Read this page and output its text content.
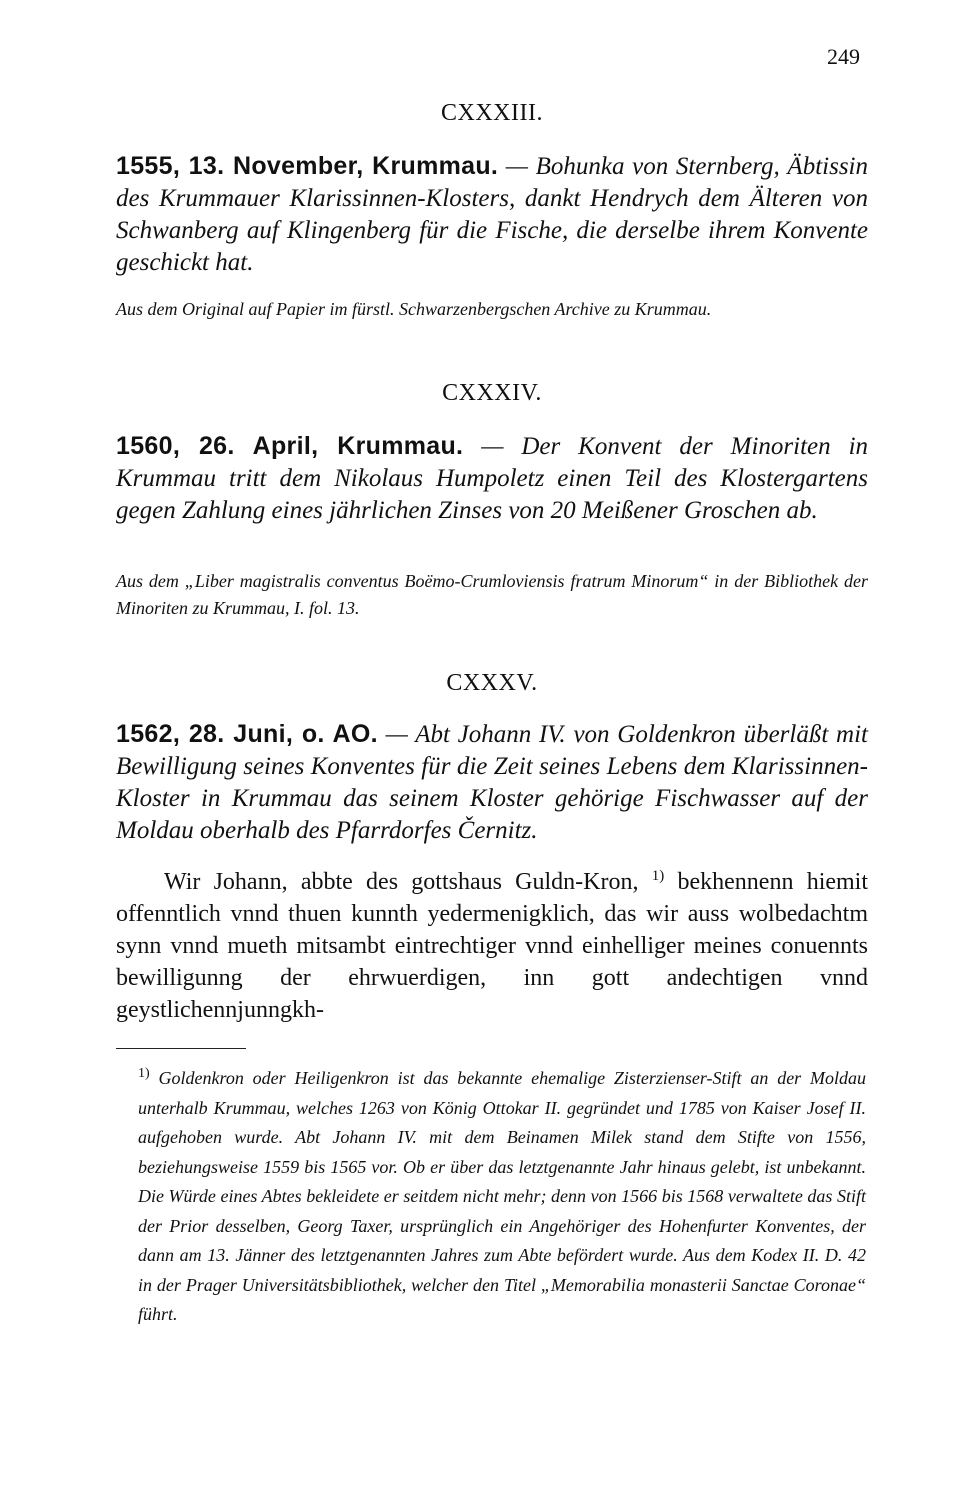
249
CXXXIII.
1555, 13. November, Krummau. — Bohunka von Sternberg, Äbtissin des Krummauer Klarissinnen-Klosters, dankt Hendrych dem Älteren von Schwanberg auf Klingenberg für die Fische, die derselbe ihrem Konvente geschickt hat.
Aus dem Original auf Papier im fürstl. Schwarzenbergschen Archive zu Krummau.
CXXXIV.
1560, 26. April, Krummau. — Der Konvent der Minoriten in Krummau tritt dem Nikolaus Humpoletz einen Teil des Klostergartens gegen Zahlung eines jährlichen Zinses von 20 Meißener Groschen ab.
Aus dem „Liber magistralis conventus Boëmo-Crumloviensis fratrum Minorum“ in der Bibliothek der Minoriten zu Krummau, I. fol. 13.
CXXXV.
1562, 28. Juni, o. AO. — Abt Johann IV. von Goldenkron überläßt mit Bewilligung seines Konventes für die Zeit seines Lebens dem Klarissinnen-Kloster in Krummau das seinem Kloster gehörige Fischwasser auf der Moldau oberhalb des Pfarrdorfes Černitz.
Wir Johann, abbte des gottshaus Guldn-Kron, $^{1)}$ bekhennenn hiemit offenntlich vnnd thuen kunnth yedermenigklich, das wir auss wolbedachtm synn vnnd mueth mitsambt eintrechtiger vnnd einhelliger meines conuennts bewilligunng der ehrwuerdigen, inn gott andechtigen vnnd geystlichennjunngkh-
$^{1)}$ Goldenkron oder Heiligenkron ist das bekannte ehemalige Zisterzienser-Stift an der Moldau unterhalb Krummau, welches 1263 von König Ottokar II. gegründet und 1785 von Kaiser Josef II. aufgehoben wurde. Abt Johann IV. mit dem Beinamen Milek stand dem Stifte von 1556, beziehungsweise 1559 bis 1565 vor. Ob er über das letztgenannte Jahr hinaus gelebt, ist unbekannt. Die Würde eines Abtes bekleidete er seitdem nicht mehr; denn von 1566 bis 1568 verwaltete das Stift der Prior desselben, Georg Taxer, ursprünglich ein Angehöriger des Hohenfurter Konventes, der dann am 13. Jänner des letztgenannten Jahres zum Abte befördert wurde. Aus dem Kodex II. D. 42 in der Prager Universitätsbibliothek, welcher den Titel „Memorabilia monasterii Sanctae Coronae“ führt.
